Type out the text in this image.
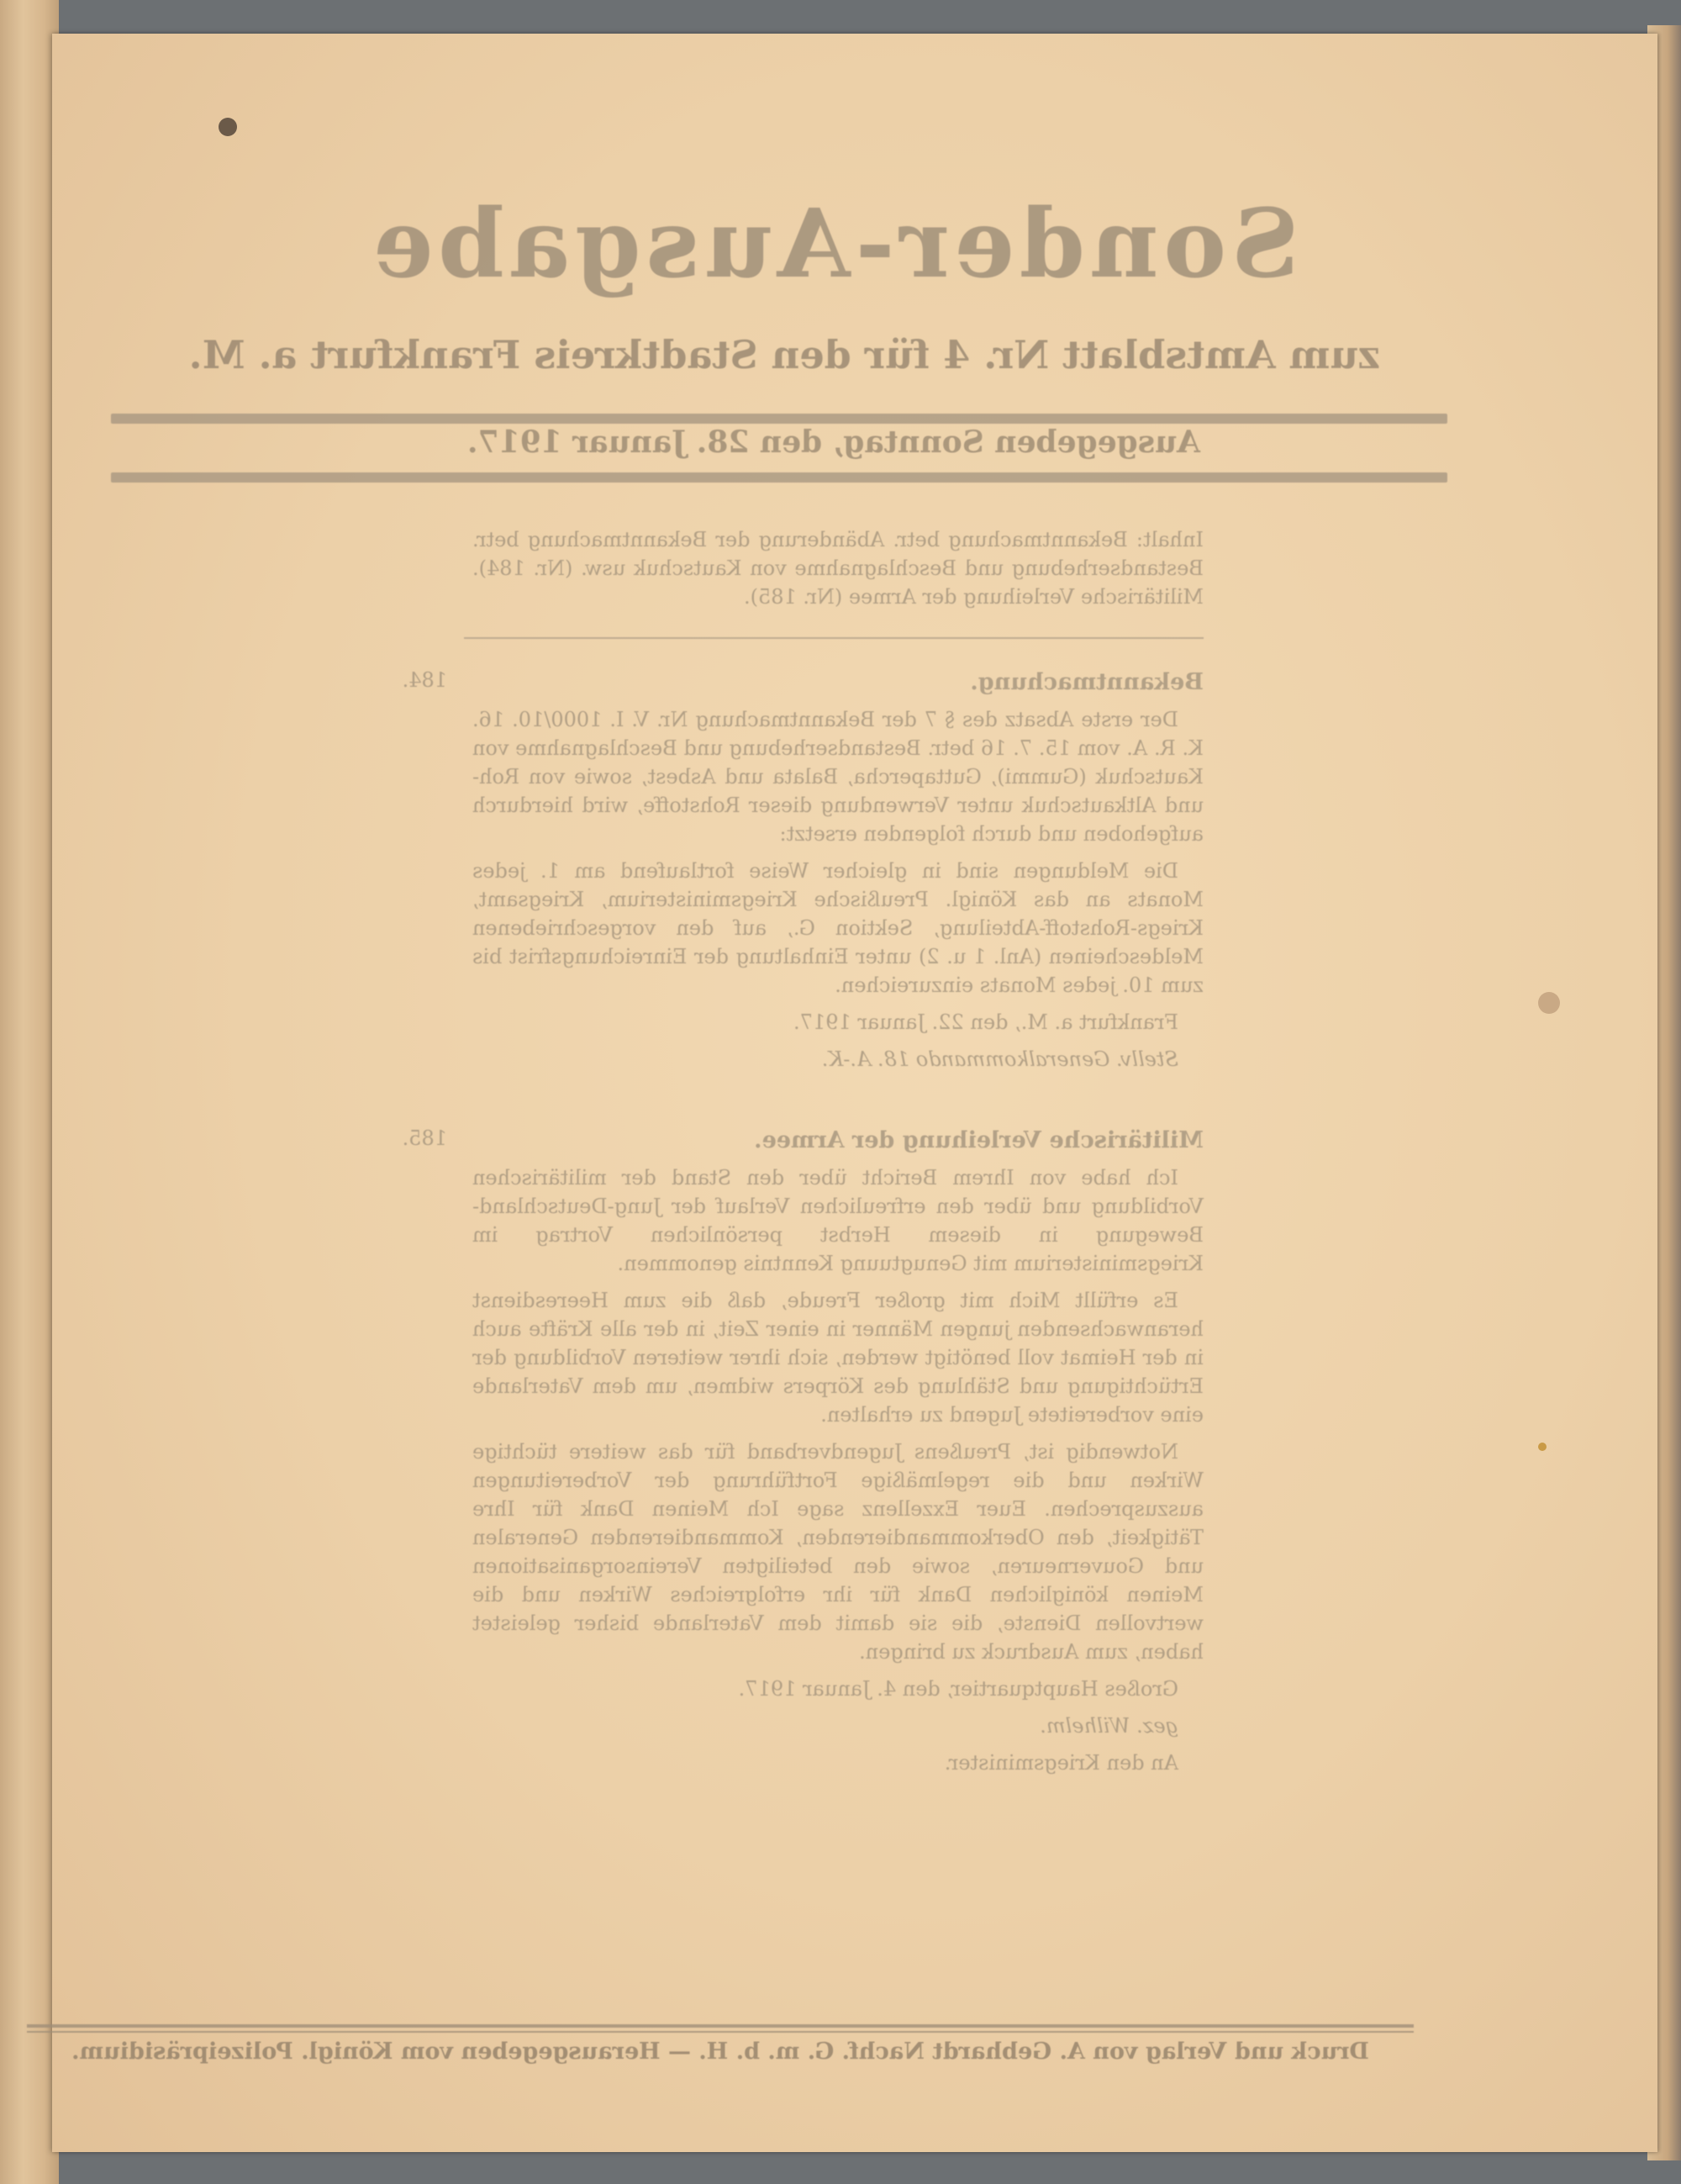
Sonder-Ausgabe
zum Amtsblatt Nr. 4 für den Stadtkreis Frankfurt a. M.
Ausgegeben Sonntag, den 28. Januar 1917.

Inhalt: Bekanntmachung betr. Abänderung der Bekanntmachung betr. Bestandserhebung und Beschlagnahme von Kautschuk usw. (Nr. 184). Militärische Verleihung der Armee (Nr. 185).

184.	Bekanntmachung.

Der erste Absatz des § 7 der Bekanntmachung Nr. V. I. 1000/10. 16. K. R. A. vom 15. 7. 16 betr. Bestandserhebung und Beschlagnahme von Kautschuk (Gummi), Guttapercha, Balata und Asbest, sowie von Roh- und Altkautschuk unter Verwendung dieser Rohstoffe, wird hierdurch aufgehoben und durch folgenden ersetzt:

Die Meldungen sind in gleicher Weise fortlaufend am 1. jedes Monats an das Königl. Preußische Kriegsministerium, Kriegsamt, Kriegs-Rohstoff-Abteilung, Sektion G., auf den vorgeschriebenen Meldescheinen (Anl. 1 u. 2) unter Einhaltung der Einreichungsfrist bis zum 10. jedes Monats einzureichen.

Frankfurt a. M., den 22. Januar 1917.

Stellv. Generalkommando 18. A.-K.

185.	Militärische Verleihung der Armee.

Ich habe von Ihrem Bericht über den Stand der militärischen Vorbildung und über den erfreulichen Verlauf der Jung-Deutschland-Bewegung in diesem Herbst persönlichen Vortrag im Kriegsministerium mit Genugtuung Kenntnis genommen.

Es erfüllt Mich mit großer Freude, daß die zum Heeresdienst heranwachsenden jungen Männer in einer Zeit, in der alle Kräfte auch in der Heimat voll benötigt werden, sich ihrer weiteren Vorbildung der Ertüchtigung und Stählung des Körpers widmen, um dem Vaterlande eine vorbereitete Jugend zu erhalten.

Notwendig ist, Preußens Jugendverband für das weitere tüchtige Wirken und die regelmäßige Fortführung der Vorbereitungen auszusprechen. Euer Exzellenz sage Ich Meinen Dank für Ihre Tätigkeit, den Oberkommandierenden, Kommandierenden Generalen und Gouverneuren, sowie den beteiligten Vereinsorganisationen Meinen königlichen Dank für ihr erfolgreiches Wirken und die wertvollen Dienste, die sie damit dem Vaterlande bisher geleistet haben, zum Ausdruck zu bringen.

Großes Hauptquartier, den 4. Januar 1917.

gez. Wilhelm.

An den Kriegsminister.

Druck und Verlag von A. Gebhardt Nachf. G. m. b. H. — Herausgegeben vom Königl. Polizeipräsidium.
